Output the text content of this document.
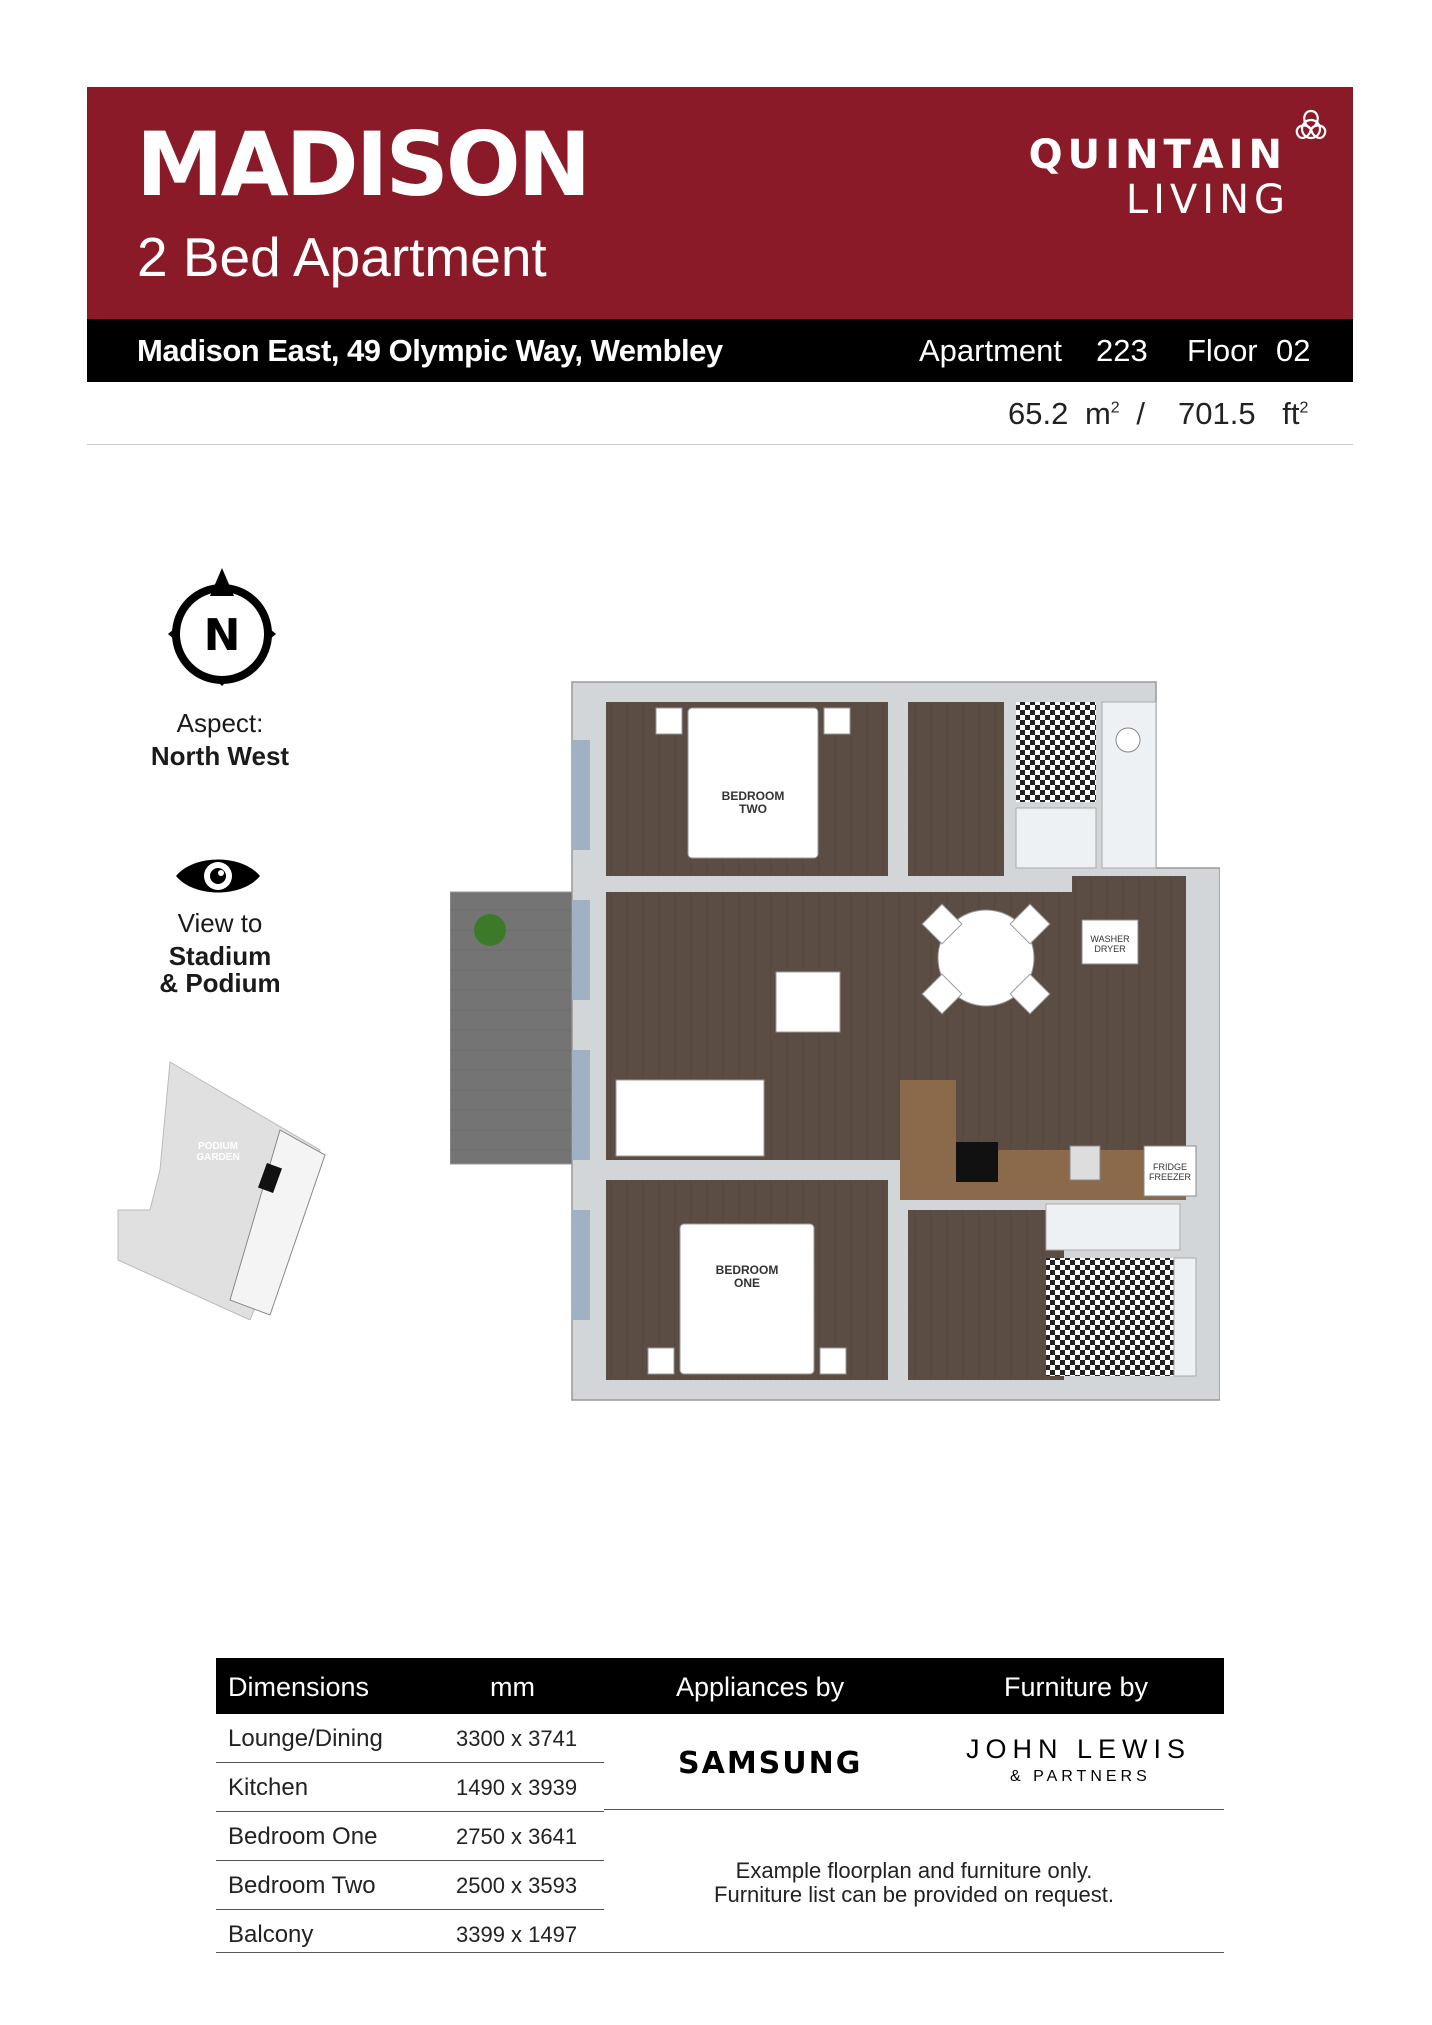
MADISON
2 Bed Apartment
QUINTAIN
LIVING
Madison East, 49 Olympic Way, Wembley	Apartment 223 Floor 02
65.2 $m^2 / 701.5$ $ft^2$
N
Aspect:
North West
View to
Stadium
& Podium
PODIUM
GARDEN
WASHER
DRYER
FRIDGE
FREEZER
BEDROOM
TWO
BEDROOM
ONE
Dimensions	mm	Appliances by	Furniture by
Lounge/Dining	3300 x 3741
Kitchen	1490 x 3939
Bedroom One	2750 x 3641
Bedroom Two	2500 x 3593
Balcony	3399 x 1497
SAMSUNG	JOHN LEWIS
& PARTNERS
Example floorplan and furniture only.
Furniture list can be provided on request.
